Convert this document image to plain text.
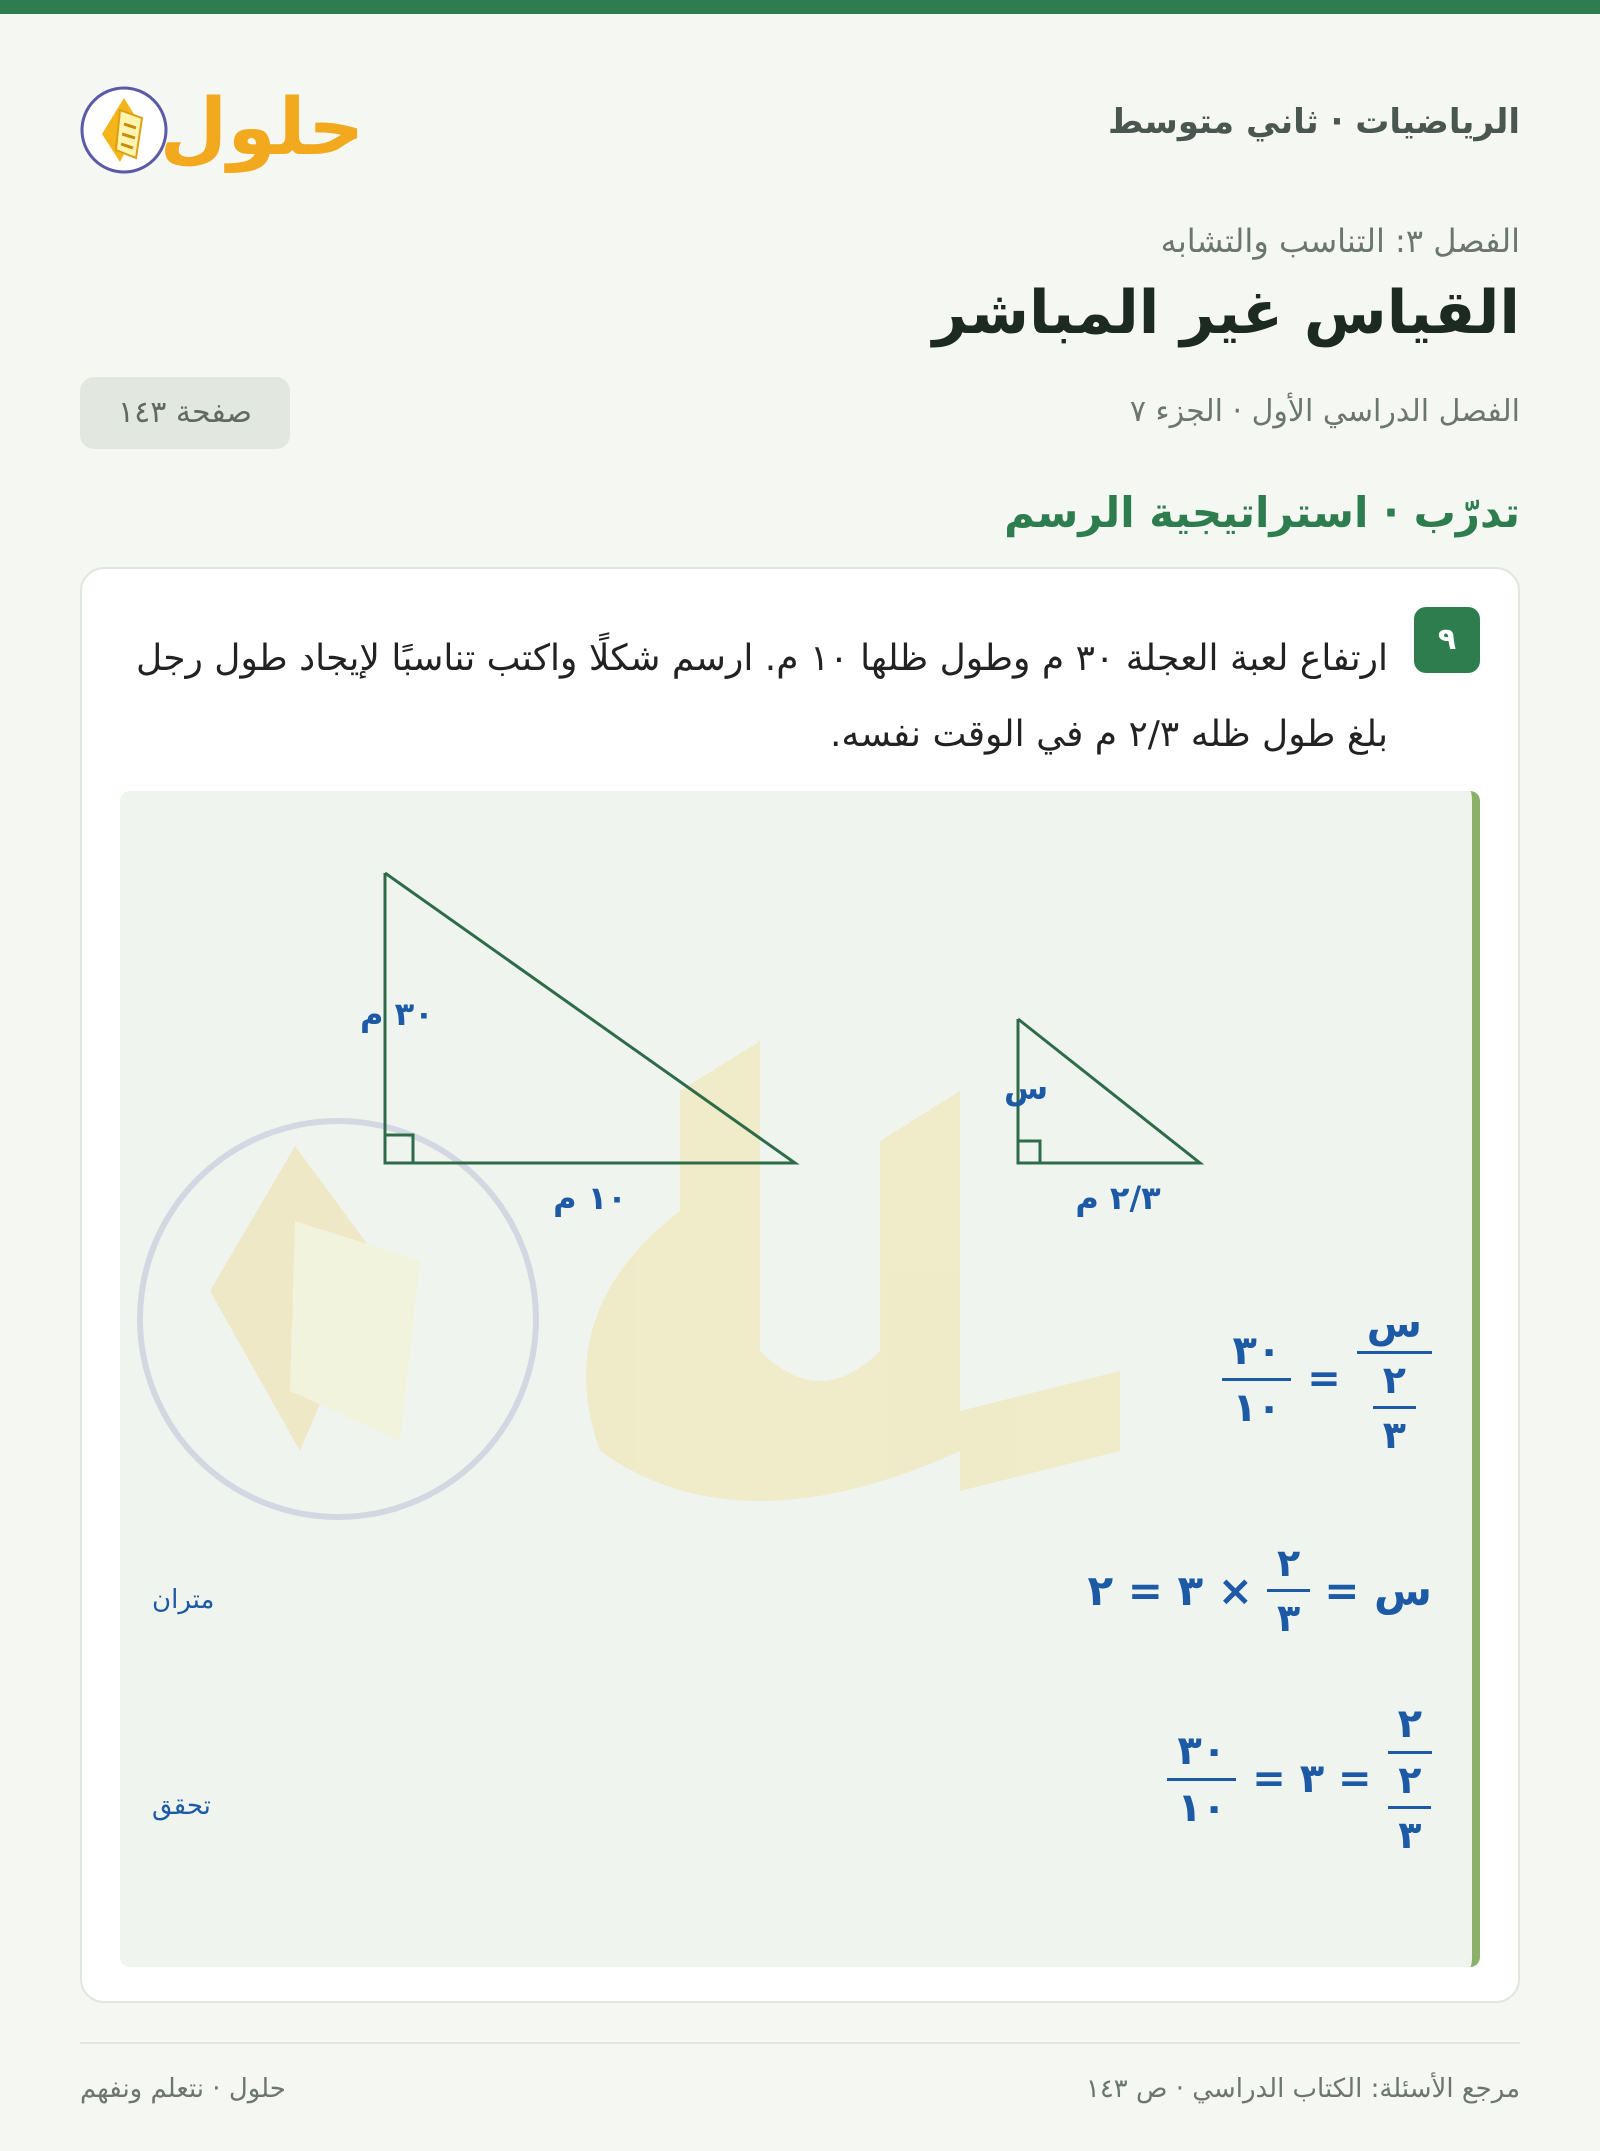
الرياضيات · ثاني متوسط
حلول
الفصل ٣: التناسب والتشابه
القياس غير المباشر
الفصل الدراسي الأول · الجزء ٧
صفحة ١٤٣
تدرّب · استراتيجية الرسم
٩
ارتفاع لعبة العجلة ٣٠ م وطول ظلها ١٠ م. ارسم شكلًا واكتب تناسبًا لإيجاد طول رجل بلغ طول ظله ٢/٣ م في الوقت نفسه.
٣٠ م
١٠ م
س
٢/٣ م
$\frac{\text{س}}{\frac{٢}{٣}}$
=
$\frac{٣٠}{١٠}$
س =
$\frac{٢}{٣}$
× ٣ = ٢
متران
$\frac{٢}{\frac{٢}{٣}}$
= ٣ =
$\frac{٣٠}{١٠}$
تحقق
مرجع الأسئلة: الكتاب الدراسي · ص ١٤٣
حلول · نتعلم ونفهم
